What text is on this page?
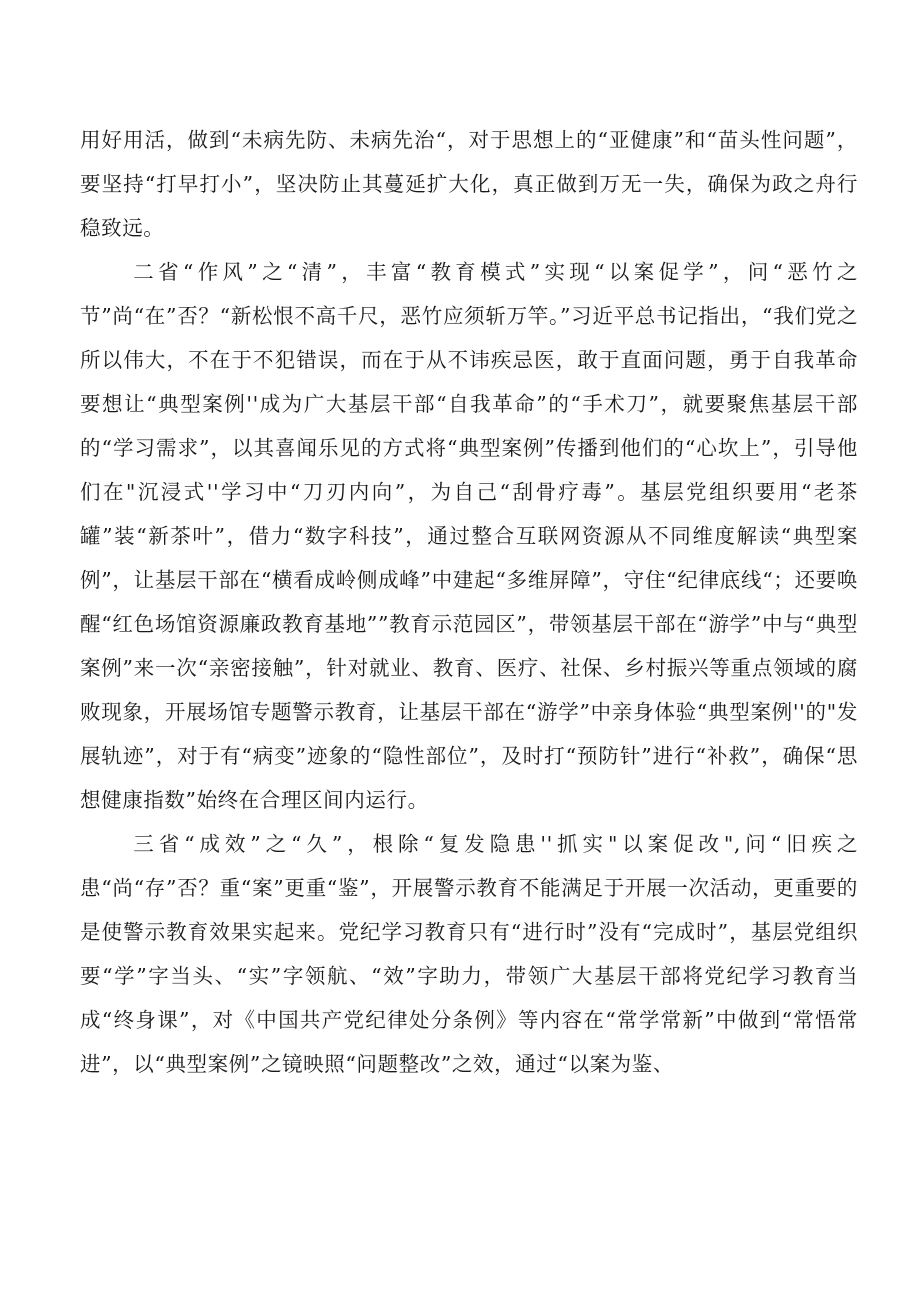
用好用活，做到“未病先防、未病先治“，对于思想上的“亚健康”和“苗头性问题”，要坚持“打早打小”，坚决防止其蔓延扩大化，真正做到万无一失，确保为政之舟行稳致远。

二省“作风”之“清”，丰富“教育模式”实现“以案促学”，问“恶竹之节”尚“在”否？“新松恨不高千尺，恶竹应须斩万竿。”习近平总书记指出，“我们党之所以伟大，不在于不犯错误，而在于从不讳疾忌医，敢于直面问题，勇于自我革命要想让“典型案例''成为广大基层干部“自我革命”的“手术刀”，就要聚焦基层干部的“学习需求”，以其喜闻乐见的方式将“典型案例”传播到他们的“心坎上”，引导他们在"沉浸式''学习中“刀刃内向”，为自己“刮骨疗毒”。基层党组织要用“老茶罐”装“新茶叶”，借力“数字科技”，通过整合互联网资源从不同维度解读“典型案例”，让基层干部在“横看成岭侧成峰”中建起“多维屏障”，守住“纪律底线“；还要唤醒“红色场馆资源廉政教育基地””教育示范园区”，带领基层干部在“游学”中与“典型案例”来一次“亲密接触”，针对就业、教育、医疗、社保、乡村振兴等重点领域的腐败现象，开展场馆专题警示教育，让基层干部在“游学”中亲身体验“典型案例''的"发展轨迹”，对于有“病变”迹象的“隐性部位”，及时打“预防针”进行“补救”，确保“思想健康指数”始终在合理区间内运行。

三省“成效”之“久”，根除“复发隐患''抓实"以案促改",问“旧疾之患“尚“存”否？重“案”更重“鉴”，开展警示教育不能满足于开展一次活动，更重要的是使警示教育效果实起来。党纪学习教育只有“进行时”没有“完成时”，基层党组织要“学”字当头、“实”字领航、“效”字助力，带领广大基层干部将党纪学习教育当成“终身课”，对《中国共产党纪律处分条例》等内容在“常学常新”中做到“常悟常进”，以“典型案例”之镜映照“问题整改”之效，通过“以案为鉴、
